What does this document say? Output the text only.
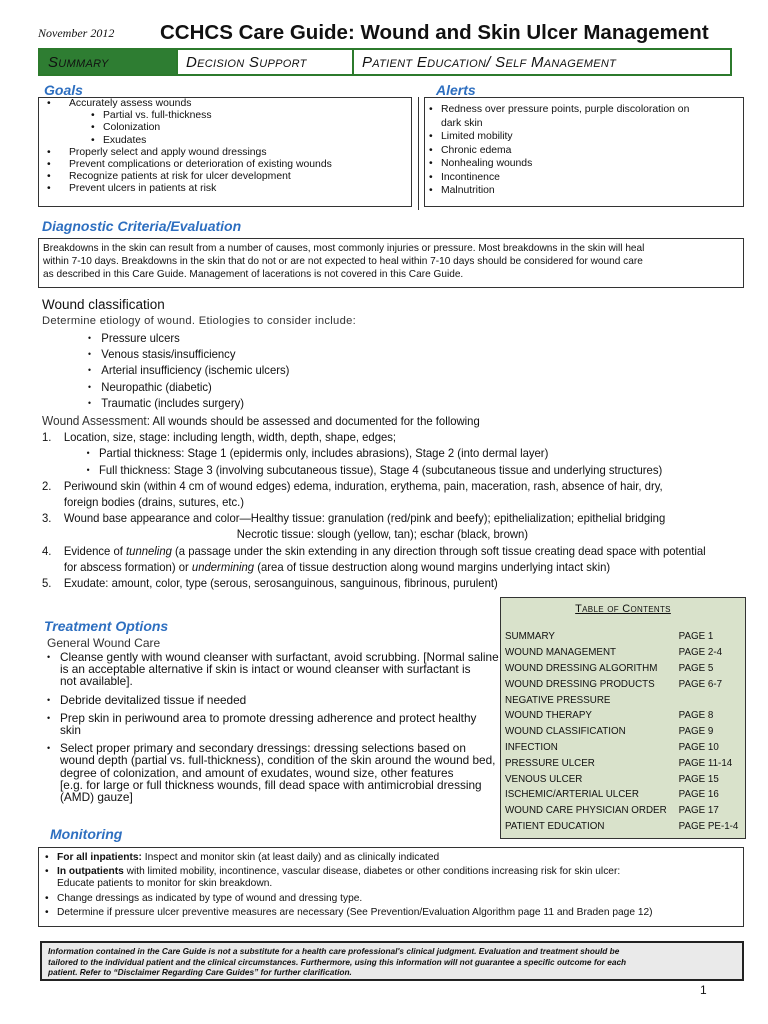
November 2012 CCHCS Care Guide: Wound and Skin Ulcer Management
Summary	Decision Support	Patient Education/ Self Management
Goals
• Accurately assess wounds
• Partial vs. full-thickness
• Colonization
• Exudates
• Properly select and apply wound dressings
• Prevent complications or deterioration of existing wounds
• Recognize patients at risk for ulcer development
• Prevent ulcers in patients at risk
Alerts
• Redness over pressure points, purple discoloration on
dark skin
• Limited mobility
• Chronic edema
• Nonhealing wounds
• Incontinence
• Malnutrition
Diagnostic Criteria/Evaluation
Breakdowns in the skin can result from a number of causes, most commonly injuries or pressure. Most breakdowns in the skin will heal
within 7-10 days. Breakdowns in the skin that do not or are not expected to heal within 7-10 days should be considered for wound care
as described in this Care Guide. Management of lacerations is not covered in this Care Guide.
Wound classification
Determine etiology of wound. Etiologies to consider include:
• Pressure ulcers
• Venous stasis/insufficiency
• Arterial insufficiency (ischemic ulcers)
• Neuropathic (diabetic)
• Traumatic (includes surgery)
Wound Assessment: All wounds should be assessed and documented for the following
1. Location, size, stage: including length, width, depth, shape, edges;
• Partial thickness: Stage 1 (epidermis only, includes abrasions), Stage 2 (into dermal layer)
• Full thickness: Stage 3 (involving subcutaneous tissue), Stage 4 (subcutaneous tissue and underlying structures)
2. Periwound skin (within 4 cm of wound edges) edema, induration, erythema, pain, maceration, rash, absence of hair, dry,
foreign bodies (drains, sutures, etc.)
3. Wound base appearance and color—Healthy tissue: granulation (red/pink and beefy); epithelialization; epithelial bridging
Necrotic tissue: slough (yellow, tan); eschar (black, brown)
4. Evidence of tunneling (a passage under the skin extending in any direction through soft tissue creating dead space with potential
for abscess formation) or undermining (area of tissue destruction along wound margins underlying intact skin)
5. Exudate: amount, color, type (serous, serosanguinous, sanguinous, fibrinous, purulent)
Treatment Options
General Wound Care
• Cleanse gently with wound cleanser with surfactant, avoid scrubbing. [Normal saline
is an acceptable alternative if skin is intact or wound cleanser with surfactant is
not available].
• Debride devitalized tissue if needed
• Prep skin in periwound area to promote dressing adherence and protect healthy skin
• Select proper primary and secondary dressings: dressing selections based on
wound depth (partial vs. full-thickness), condition of the skin around the wound bed,
degree of colonization, and amount of exudates, wound size, other features
[e.g. for large or full thickness wounds, fill dead space with antimicrobial dressing
(AMD) gauze]
Table of Contents
SUMMARY	PAGE 1
WOUND MANAGEMENT	PAGE 2-4
WOUND DRESSING ALGORITHM	PAGE 5
WOUND DRESSING PRODUCTS	PAGE 6-7
NEGATIVE PRESSURE	
WOUND THERAPY	PAGE 8
WOUND CLASSIFICATION	PAGE 9
INFECTION	PAGE 10
PRESSURE ULCER	PAGE 11-14
VENOUS ULCER	PAGE 15
ISCHEMIC/ARTERIAL ULCER	PAGE 16
WOUND CARE PHYSICIAN ORDER	PAGE 17
PATIENT EDUCATION	PAGE PE-1-4
Monitoring
• For all inpatients: Inspect and monitor skin (at least daily) and as clinically indicated
• In outpatients with limited mobility, incontinence, vascular disease, diabetes or other conditions increasing risk for skin ulcer:
Educate patients to monitor for skin breakdown.
• Change dressings as indicated by type of wound and dressing type.
• Determine if pressure ulcer preventive measures are necessary (See Prevention/Evaluation Algorithm page 11 and Braden page 12)
Information contained in the Care Guide is not a substitute for a health care professional's clinical judgment. Evaluation and treatment should be
tailored to the individual patient and the clinical circumstances. Furthermore, using this information will not guarantee a specific outcome for each
patient. Refer to “Disclaimer Regarding Care Guides” for further clarification.
1
